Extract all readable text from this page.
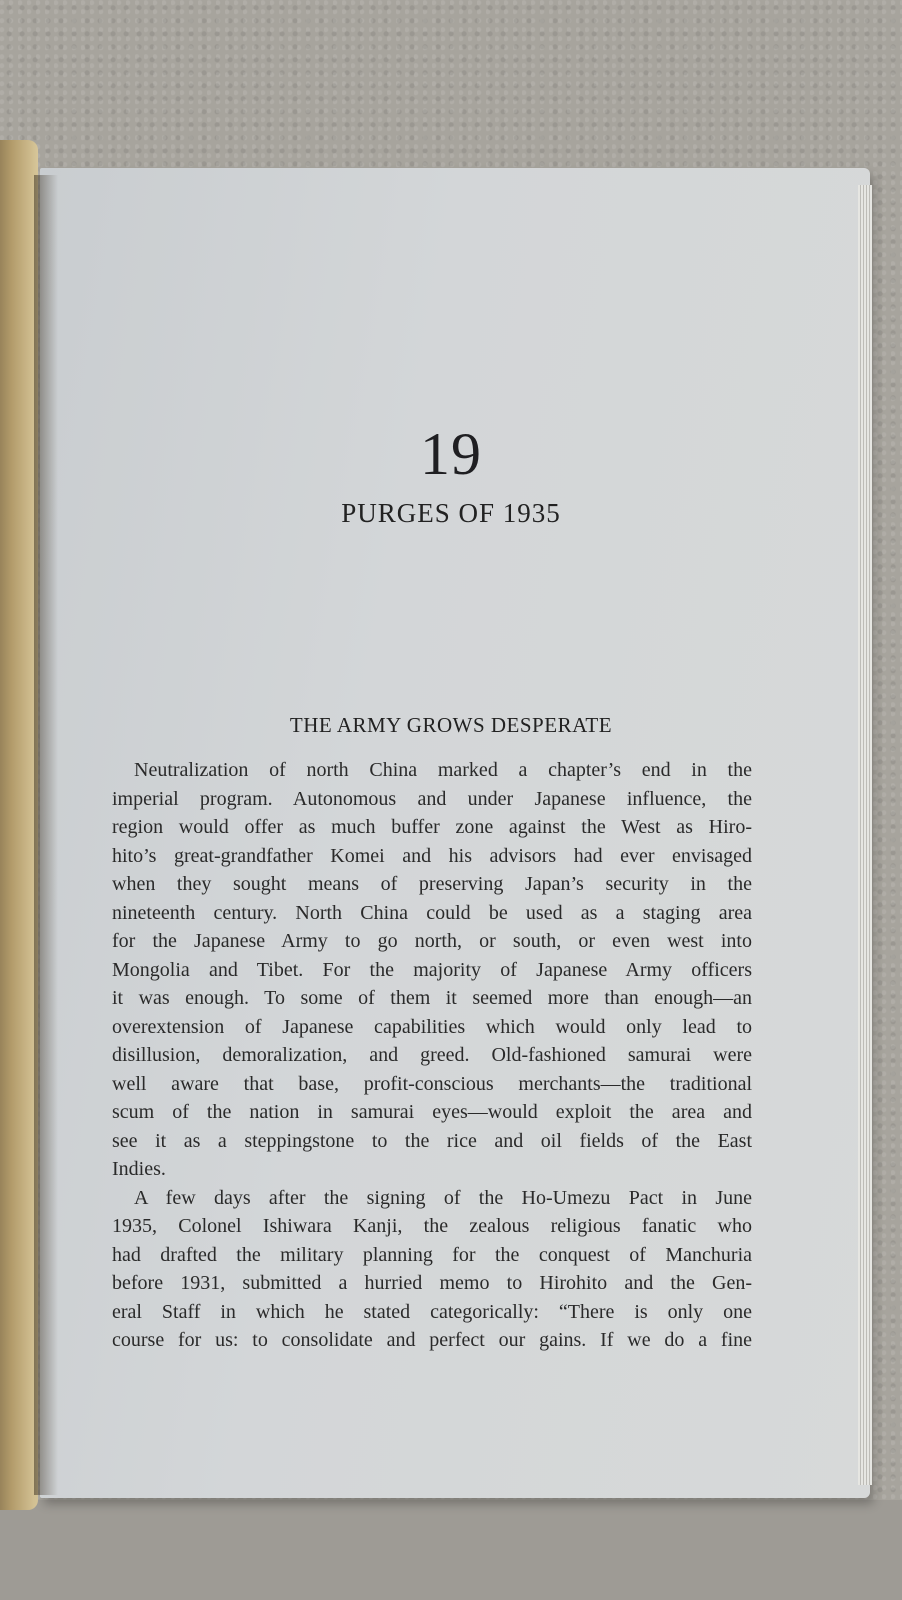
19
PURGES OF 1935
THE ARMY GROWS DESPERATE
Neutralization of north China marked a chapter’s end in the
imperial program. Autonomous and under Japanese influence, the
region would offer as much buffer zone against the West as Hiro-
hito’s great-grandfather Komei and his advisors had ever envisaged
when they sought means of preserving Japan’s security in the
nineteenth century. North China could be used as a staging area
for the Japanese Army to go north, or south, or even west into
Mongolia and Tibet. For the majority of Japanese Army officers
it was enough. To some of them it seemed more than enough—an
overextension of Japanese capabilities which would only lead to
disillusion, demoralization, and greed. Old-fashioned samurai were
well aware that base, profit-conscious merchants—the traditional
scum of the nation in samurai eyes—would exploit the area and
see it as a steppingstone to the rice and oil fields of the East
Indies.
A few days after the signing of the Ho-Umezu Pact in June
1935, Colonel Ishiwara Kanji, the zealous religious fanatic who
had drafted the military planning for the conquest of Manchuria
before 1931, submitted a hurried memo to Hirohito and the Gen-
eral Staff in which he stated categorically: “There is only one
course for us: to consolidate and perfect our gains. If we do a fine
